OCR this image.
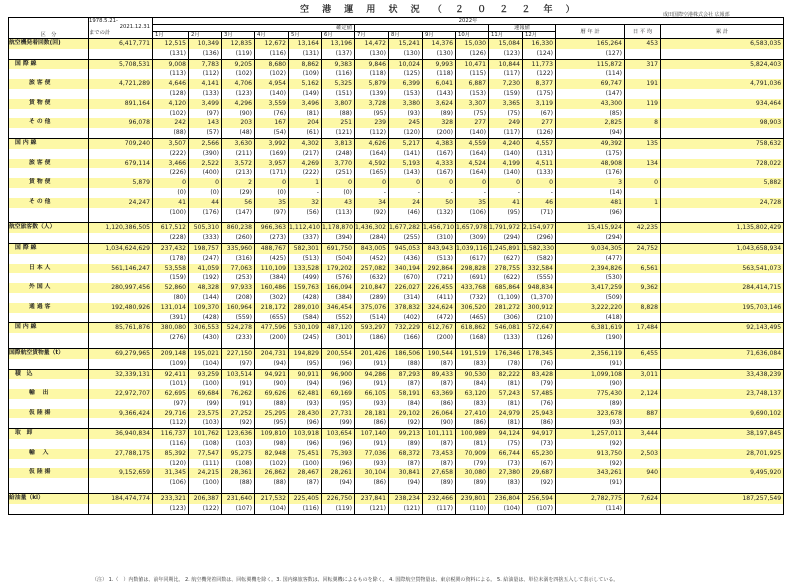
空 港 運 用 状 況 （ ２ ０ ２ ２ 年 ）	成田国際空港株式会社 広報部
区　分	1978.5.21-
2021.12.31
までの計	2022年														
		確定値										速報値		暦 年 計	日 平 均	累 計
		1月	2月	3月	4月	5月	6月	7月	8月	9月	10月	11月	12月			
航空機発着回数(回)	6,417,771	12,515	10,349	12,835	12,672	13,164	13,196	14,472	15,241	14,376	15,030	15,084	16,330	165,264	453	6,583,035
		(131)	(136)	(119)	(116)	(131)	(137)	(130)	(130)	(130)	(126)	(123)	(124)	(127)		
国 際 線	5,708,531	9,008	7,783	9,205	8,680	8,862	9,383	9,846	10,024	9,993	10,471	10,844	11,773	115,872	317	5,824,403
		(113)	(112)	(102)	(102)	(109)	(116)	(118)	(125)	(118)	(115)	(117)	(122)	(114)		
旅 客 便	4,721,289	4,646	4,141	4,706	4,954	5,162	5,325	5,879	6,399	6,041	6,887	7,230	8,377	69,747	191	4,791,036
		(128)	(133)	(123)	(140)	(149)	(151)	(139)	(153)	(143)	(153)	(159)	(175)	(147)		
貨 物 便	891,164	4,120	3,499	4,296	3,559	3,496	3,807	3,728	3,380	3,624	3,307	3,365	3,119	43,300	119	934,464
		(102)	(97)	(90)	(76)	(81)	(88)	(95)	(93)	(89)	(75)	(75)	(67)	(85)		
そ の 他	96,078	242	143	203	167	204	251	239	245	328	277	249	277	2,825	8	98,903
		(88)	(57)	(48)	(54)	(61)	(121)	(112)	(120)	(200)	(140)	(117)	(126)	(94)		
国 内 線	709,240	3,507	2,566	3,630	3,992	4,302	3,813	4,626	5,217	4,383	4,559	4,240	4,557	49,392	135	758,632
		(222)	(390)	(211)	(169)	(217)	(248)	(164)	(141)	(167)	(164)	(140)	(131)	(175)		
旅 客 便	679,114	3,466	2,522	3,572	3,957	4,269	3,770	4,592	5,193	4,333	4,524	4,199	4,511	48,908	134	728,022
		(226)	(400)	(213)	(171)	(222)	(251)	(165)	(143)	(167)	(164)	(140)	(133)	(176)		
貨 物 便	5,879	0	0	2	0	1	0	0	0	0	0	0	0	3	0	5,882
		(0)	(0)	(29)	(0)	-	(0)	-	-	-	-	-	-	(14)		
そ の 他	24,247	41	44	56	35	32	43	34	24	50	35	41	46	481	1	24,728
		(100)	(176)	(147)	(97)	(56)	(113)	(92)	(46)	(132)	(106)	(95)	(71)	(96)		

航空旅客数（人）	1,120,386,505	617,512	505,310	860,238	966,363	1,112,410	1,178,870	1,436,302	1,677,282	1,456,710	1,657,978	1,791,972	2,154,977	15,415,924	42,235	1,135,802,429
		(228)	(333)	(260)	(273)	(337)	(394)	(284)	(255)	(310)	(309)	(294)	(296)	(294)		
国 際 線	1,034,624,629	237,432	198,757	335,960	488,767	582,301	691,750	843,005	945,053	843,943	1,039,116	1,245,891	1,582,330	9,034,305	24,752	1,043,658,934
		(178)	(247)	(316)	(425)	(513)	(504)	(452)	(436)	(513)	(617)	(627)	(582)	(477)		
日 本 人	561,146,247	53,558	41,059	77,063	110,109	133,528	179,202	257,082	340,194	292,864	298,828	278,755	332,584	2,394,826	6,561	563,541,073
		(159)	(192)	(253)	(384)	(499)	(576)	(632)	(670)	(721)	(691)	(622)	(555)	(530)		
外 国 人	280,997,456	52,860	48,328	97,933	160,486	159,763	166,094	210,847	226,027	226,455	433,768	685,864	948,834	3,417,259	9,362	284,414,715
		(80)	(144)	(208)	(302)	(428)	(384)	(289)	(314)	(411)	(732)	(1,109)	(1,370)	(509)		
通 過 客	192,480,926	131,014	109,370	160,964	218,172	289,010	346,454	375,076	378,832	324,624	306,520	281,272	300,912	3,222,220	8,828	195,703,146
		(391)	(428)	(559)	(655)	(584)	(552)	(514)	(402)	(472)	(465)	(306)	(210)	(418)		
国 内 線	85,761,876	380,080	306,553	524,278	477,596	530,109	487,120	593,297	732,229	612,767	618,862	546,081	572,647	6,381,619	17,484	92,143,495
		(276)	(430)	(233)	(200)	(245)	(301)	(186)	(166)	(200)	(168)	(133)	(126)	(190)		

国際航空貨物量（t）	69,279,965	209,148	195,021	227,150	204,731	194,829	200,554	201,426	186,506	190,544	191,519	176,346	178,345	2,356,119	6,455	71,636,084
		(109)	(104)	(97)	(94)	(95)	(96)	(91)	(88)	(87)	(83)	(78)	(76)	(91)		
積　込	32,339,131	92,411	93,259	103,514	94,921	90,911	96,900	94,286	87,293	89,433	90,530	82,222	83,428	1,099,108	3,011	33,438,239
		(101)	(100)	(91)	(90)	(94)	(96)	(91)	(87)	(87)	(84)	(81)	(79)	(90)		
輸　 出	22,972,707	62,695	69,684	76,262	69,626	62,481	69,169	66,105	58,191	63,369	63,120	57,243	57,485	775,430	2,124	23,748,137
		(97)	(99)	(91)	(88)	(93)	(95)	(93)	(84)	(86)	(83)	(81)	(76)	(89)		
仮 陸 揚	9,366,424	29,716	23,575	27,252	25,295	28,430	27,731	28,181	29,102	26,064	27,410	24,979	25,943	323,678	887	9,690,102
		(112)	(103)	(92)	(95)	(96)	(99)	(86)	(92)	(90)	(86)	(81)	(86)	(93)		
取　卸	36,940,834	116,737	101,762	123,636	109,810	103,918	103,654	107,140	99,213	101,111	100,989	94,124	94,917	1,257,011	3,444	38,197,845
		(116)	(108)	(103)	(98)	(96)	(96)	(91)	(89)	(87)	(81)	(75)	(73)	(92)		
輸　 入	27,788,175	85,392	77,547	95,275	82,948	75,451	75,393	77,036	68,372	73,453	70,909	66,744	65,230	913,750	2,503	28,701,925
		(120)	(111)	(108)	(102)	(100)	(96)	(93)	(87)	(87)	(79)	(73)	(67)	(92)		
仮 陸 揚	9,152,659	31,345	24,215	28,361	26,862	28,467	28,261	30,104	30,841	27,658	30,080	27,380	29,687	343,261	940	9,495,920
		(106)	(100)	(88)	(88)	(87)	(94)	(86)	(94)	(89)	(89)	(83)	(92)	(91)		

給油量（kl）	184,474,774	233,321	206,387	231,640	217,532	225,405	226,750	237,841	238,234	232,466	239,801	236,804	256,594	2,782,775	7,624	187,257,549
		(123)	(122)	(107)	(104)	(116)	(119)	(121)	(121)	(117)	(110)	(104)	(107)	(114)		
（注） 1.（　）内数値は、前年同期比。 2. 航空機発着回数は、回転翼機を除く。3. 国内線旅客数は、回転翼機によるものを除く。 4. 国際航空貨物量は、東京税関の資料による。 5. 給油量は、単位未満を四捨五入して表示している。
